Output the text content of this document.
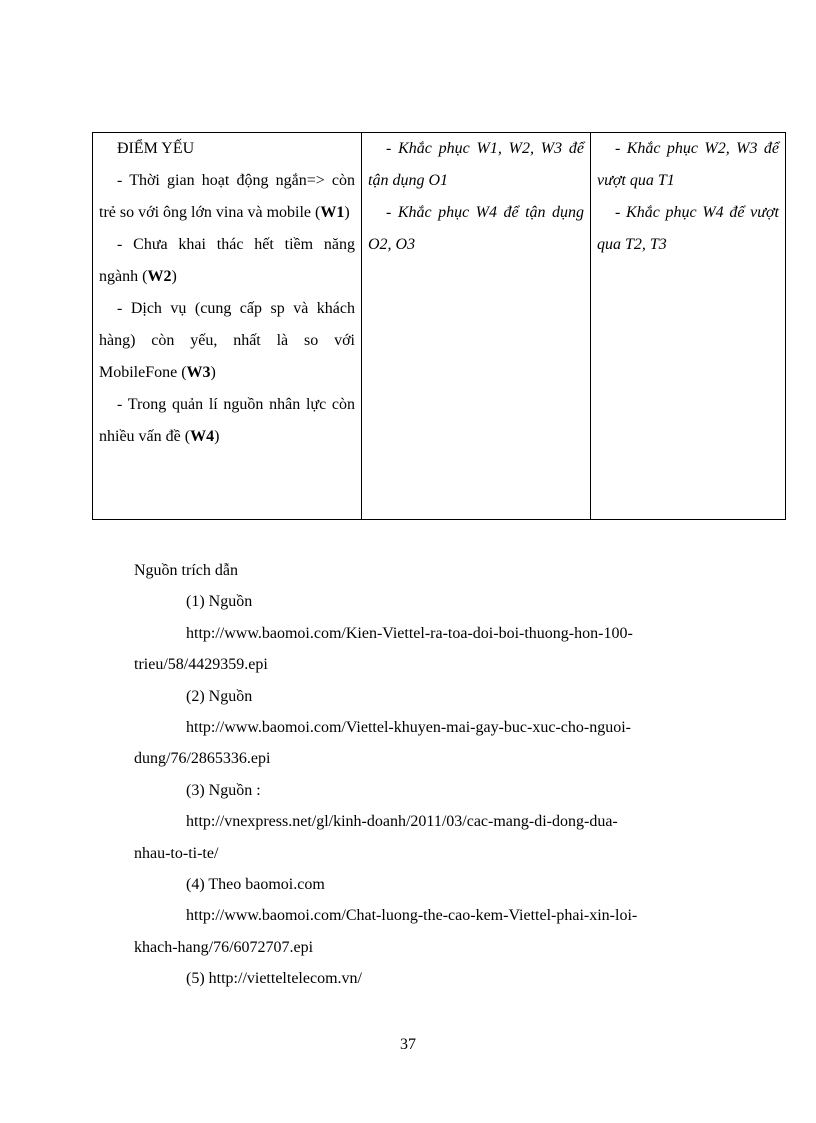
ĐIỂM YẾU
- Thời gian hoạt động ngắn=> còn trẻ so với ông lớn vina và mobile (W1)
- Chưa khai thác hết tiềm năng ngành (W2)
- Dịch vụ (cung cấp sp và khách hàng) còn yếu, nhất là so với MobileFone (W3)
- Trong quản lí nguồn nhân lực còn nhiều vấn đề (W4)

- Khắc phục W1, W2, W3 để tận dụng O1
- Khắc phục W4 để tận dụng O2, O3

- Khắc phục W2, W3 để vượt qua T1
- Khắc phục W4 để vượt qua T2, T3
Nguồn trích dẫn
(1) Nguồn
http://www.baomoi.com/Kien-Viettel-ra-toa-doi-boi-thuong-hon-100-
trieu/58/4429359.epi
(2) Nguồn
http://www.baomoi.com/Viettel-khuyen-mai-gay-buc-xuc-cho-nguoi-
dung/76/2865336.epi
(3) Nguồn :
http://vnexpress.net/gl/kinh-doanh/2011/03/cac-mang-di-dong-dua-
nhau-to-ti-te/
(4) Theo baomoi.com
http://www.baomoi.com/Chat-luong-the-cao-kem-Viettel-phai-xin-loi-
khach-hang/76/6072707.epi
(5) http://vietteltelecom.vn/
37
